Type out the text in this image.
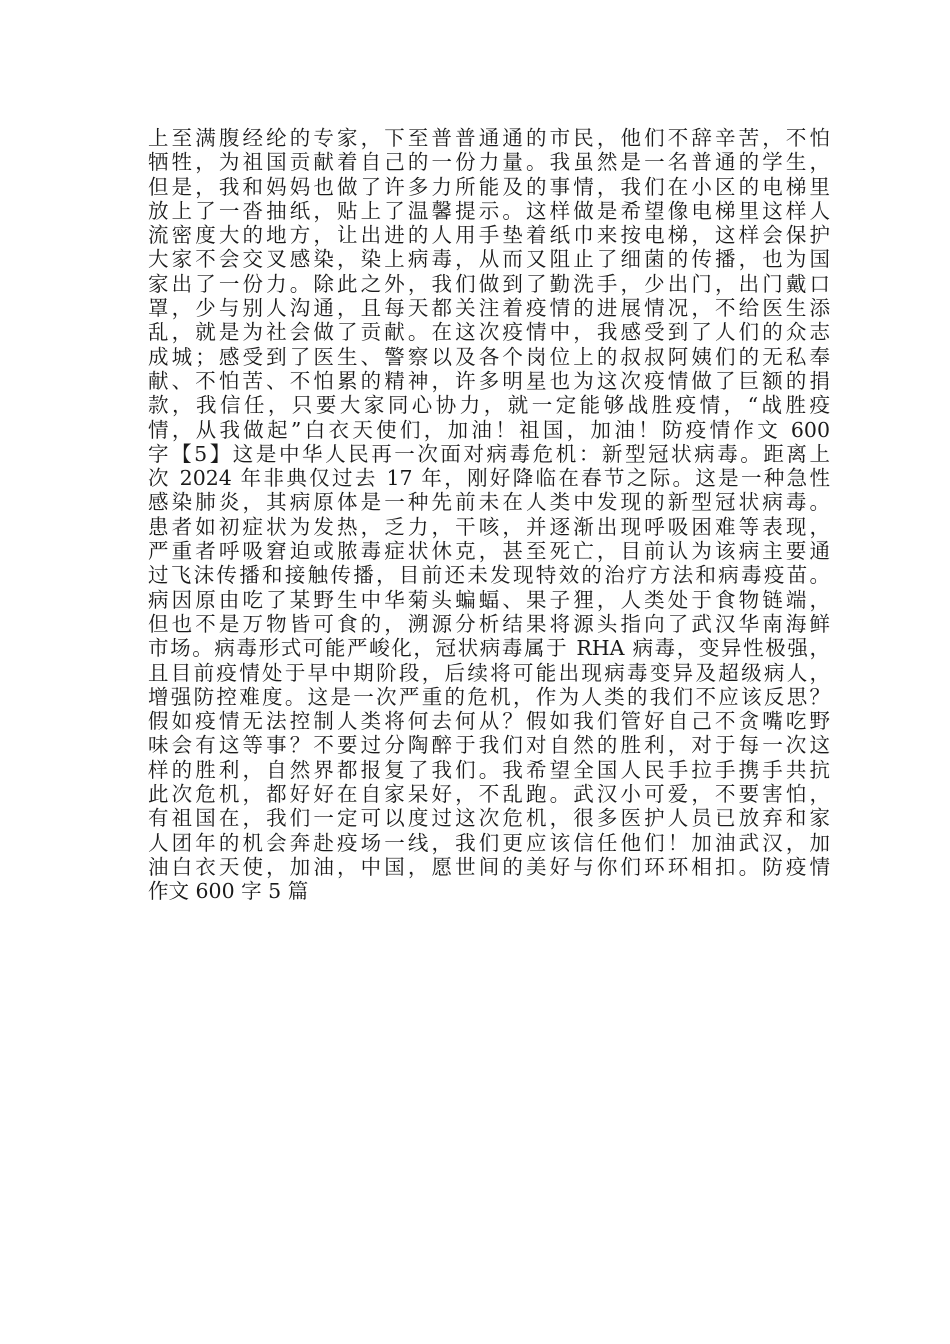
上至满腹经纶的专家，下至普普通通的市民，他们不辞辛苦，不怕
牺牲，为祖国贡献着自己的一份力量。我虽然是一名普通的学生，
但是，我和妈妈也做了许多力所能及的事情，我们在小区的电梯里
放上了一沓抽纸，贴上了温馨提示。这样做是希望像电梯里这样人
流密度大的地方，让出进的人用手垫着纸巾来按电梯，这样会保护
大家不会交叉感染，染上病毒，从而又阻止了细菌的传播，也为国
家出了一份力。除此之外，我们做到了勤洗手，少出门，出门戴口
罩，少与别人沟通，且每天都关注着疫情的进展情况，不给医生添
乱，就是为社会做了贡献。在这次疫情中，我感受到了人们的众志
成城；感受到了医生、警察以及各个岗位上的叔叔阿姨们的无私奉
献、不怕苦、不怕累的精神，许多明星也为这次疫情做了巨额的捐
款，我信任，只要大家同心协力，就一定能够战胜疫情，“战胜疫
情，从我做起”白衣天使们，加油！祖国，加油！防疫情作文 600
字【5】这是中华人民再一次面对病毒危机：新型冠状病毒。距离上
次 2024 年非典仅过去 17 年，刚好降临在春节之际。这是一种急性
感染肺炎，其病原体是一种先前未在人类中发现的新型冠状病毒。
患者如初症状为发热，乏力，干咳，并逐渐出现呼吸困难等表现，
严重者呼吸窘迫或脓毒症状休克，甚至死亡，目前认为该病主要通
过飞沫传播和接触传播，目前还未发现特效的治疗方法和病毒疫苗。
病因原由吃了某野生中华菊头蝙蝠、果子狸，人类处于食物链端，
但也不是万物皆可食的，溯源分析结果将源头指向了武汉华南海鲜
市场。病毒形式可能严峻化，冠状病毒属于 RHA 病毒，变异性极强，
且目前疫情处于早中期阶段，后续将可能出现病毒变异及超级病人，
增强防控难度。这是一次严重的危机，作为人类的我们不应该反思？
假如疫情无法控制人类将何去何从？假如我们管好自己不贪嘴吃野
味会有这等事？不要过分陶醉于我们对自然的胜利，对于每一次这
样的胜利，自然界都报复了我们。我希望全国人民手拉手携手共抗
此次危机，都好好在自家呆好，不乱跑。武汉小可爱，不要害怕，
有祖国在，我们一定可以度过这次危机，很多医护人员已放弃和家
人团年的机会奔赴疫场一线，我们更应该信任他们！加油武汉，加
油白衣天使，加油，中国，愿世间的美好与你们环环相扣。防疫情
作文 600 字 5 篇
